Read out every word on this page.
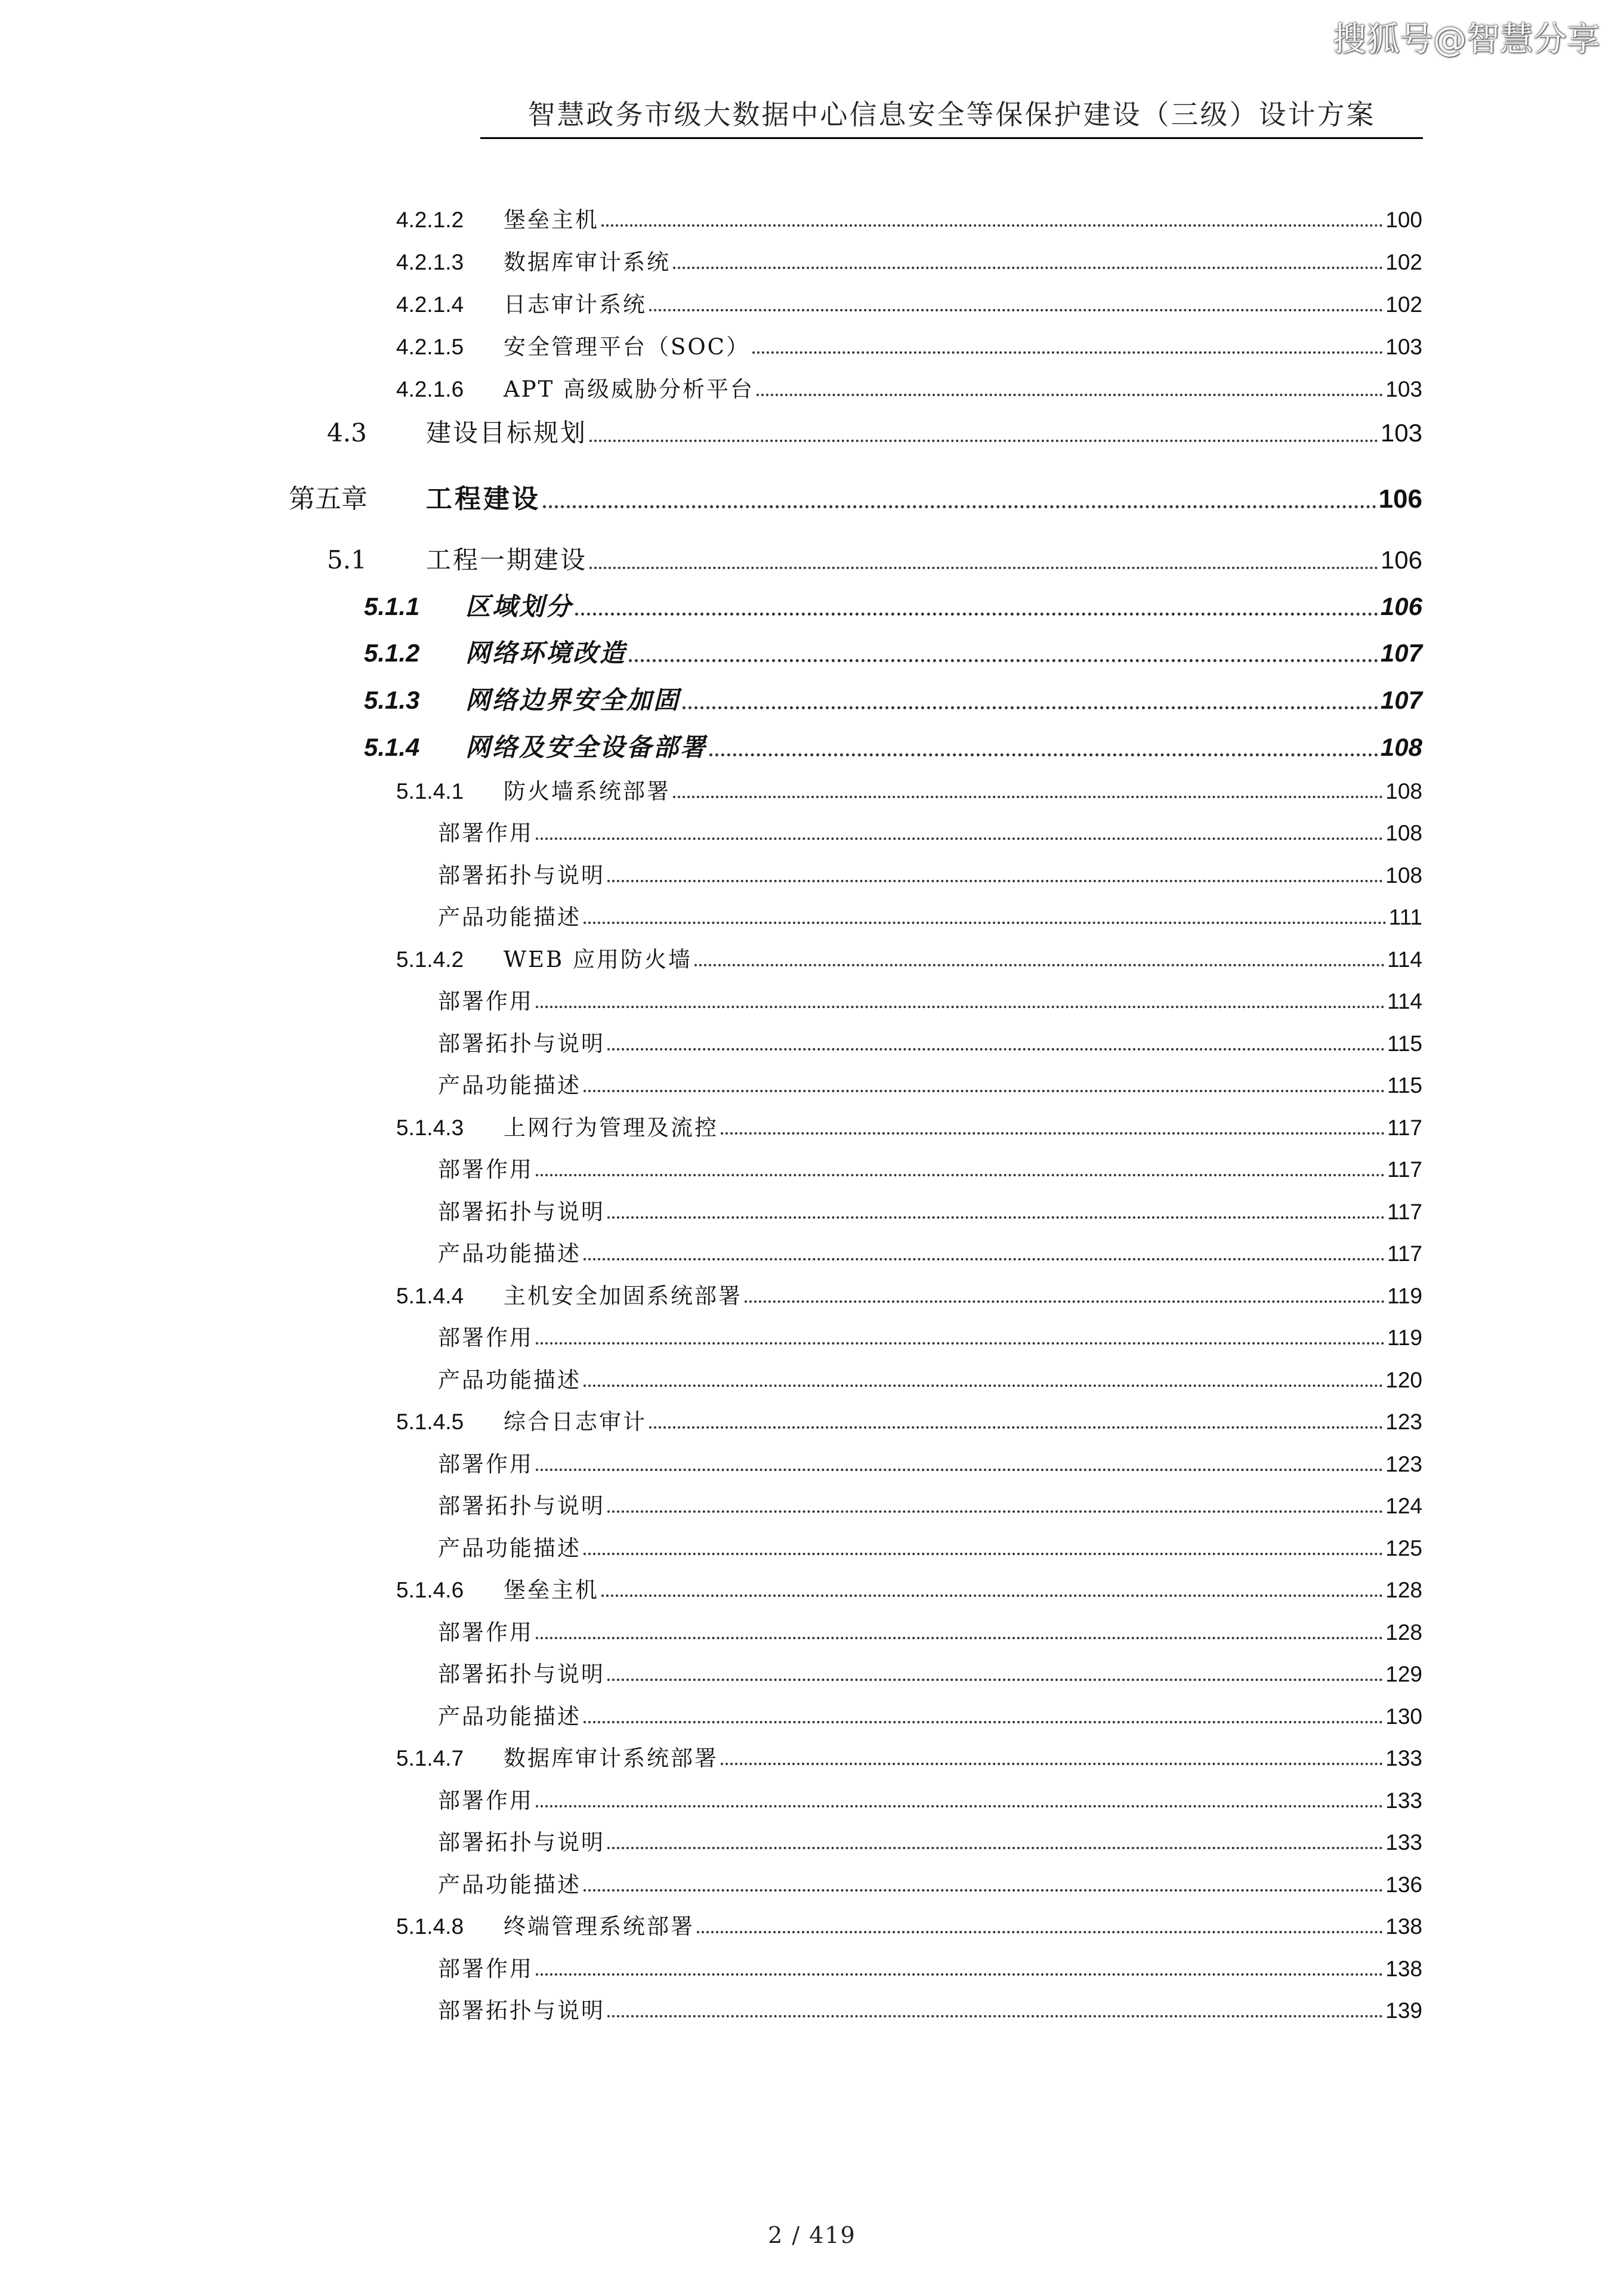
搜狐号@智慧分享
智慧政务市级大数据中心信息安全等保保护建设（三级）设计方案
4.2.1.2	堡垒主机	100
4.2.1.3	数据库审计系统	102
4.2.1.4	日志审计系统	102
4.2.1.5	安全管理平台（SOC）	103
4.2.1.6	APT 高级威胁分析平台	103
4.3	建设目标规划	103
第五章	工程建设	106
5.1	工程一期建设	106
5.1.1	区域划分	106
5.1.2	网络环境改造	107
5.1.3	网络边界安全加固	107
5.1.4	网络及安全设备部署	108
5.1.4.1	防火墙系统部署	108
部署作用	108
部署拓扑与说明	108
产品功能描述	111
5.1.4.2	WEB 应用防火墙	114
部署作用	114
部署拓扑与说明	115
产品功能描述	115
5.1.4.3	上网行为管理及流控	117
部署作用	117
部署拓扑与说明	117
产品功能描述	117
5.1.4.4	主机安全加固系统部署	119
部署作用	119
产品功能描述	120
5.1.4.5	综合日志审计	123
部署作用	123
部署拓扑与说明	124
产品功能描述	125
5.1.4.6	堡垒主机	128
部署作用	128
部署拓扑与说明	129
产品功能描述	130
5.1.4.7	数据库审计系统部署	133
部署作用	133
部署拓扑与说明	133
产品功能描述	136
5.1.4.8	终端管理系统部署	138
部署作用	138
部署拓扑与说明	139
2 / 419
